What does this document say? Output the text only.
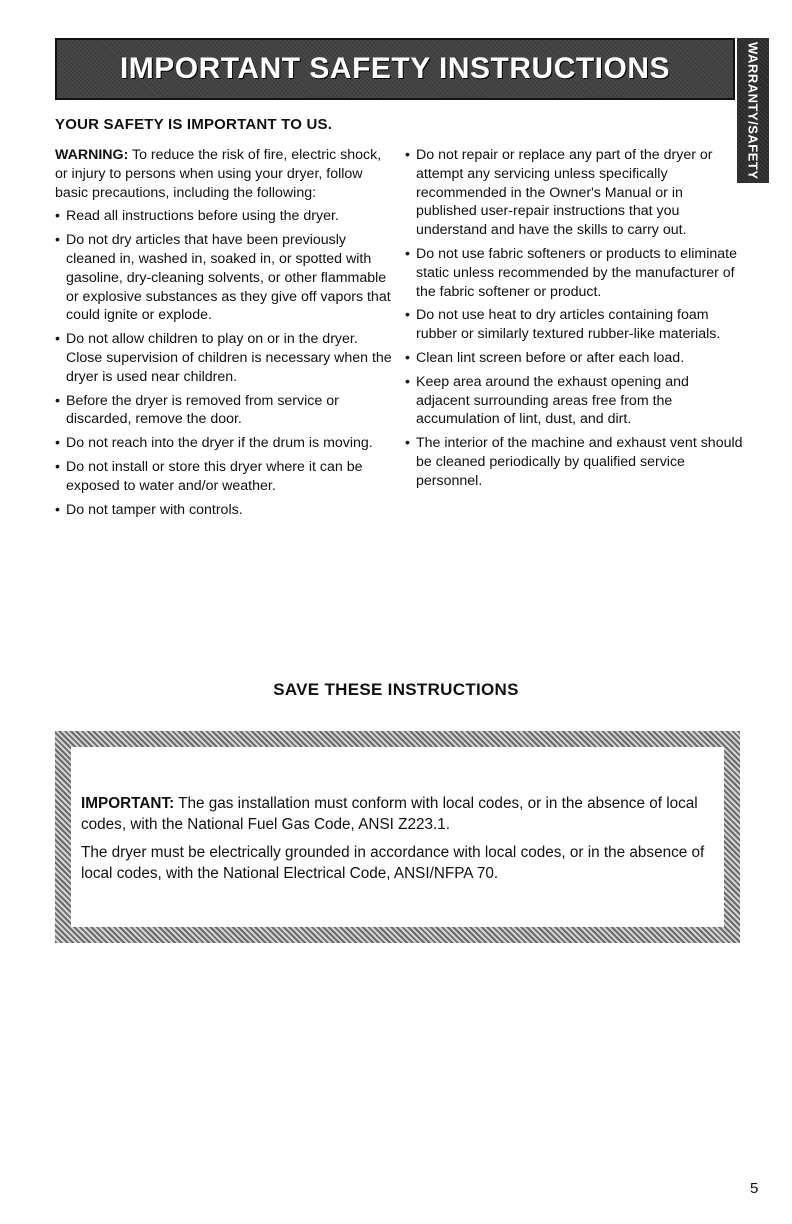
IMPORTANT SAFETY INSTRUCTIONS	WARRANTY/SAFETY
YOUR SAFETY IS IMPORTANT TO US.

WARNING: To reduce the risk of fire, electric shock, or injury to persons when using your dryer, follow basic precautions, including the following:

• Read all instructions before using the dryer.
• Do not dry articles that have been previously cleaned in, washed in, soaked in, or spotted with gasoline, dry-cleaning solvents, or other flammable or explosive substances as they give off vapors that could ignite or explode.
• Do not allow children to play on or in the dryer. Close supervision of children is necessary when the dryer is used near children.
• Before the dryer is removed from service or discarded, remove the door.
• Do not reach into the dryer if the drum is moving.
• Do not install or store this dryer where it can be exposed to water and/or weather.
• Do not tamper with controls.
• Do not repair or replace any part of the dryer or attempt any servicing unless specifically recommended in the Owner's Manual or in published user-repair instructions that you understand and have the skills to carry out.
• Do not use fabric softeners or products to eliminate static unless recommended by the manufacturer of the fabric softener or product.
• Do not use heat to dry articles containing foam rubber or similarly textured rubber-like materials.
• Clean lint screen before or after each load.
• Keep area around the exhaust opening and adjacent surrounding areas free from the accumulation of lint, dust, and dirt.
• The interior of the machine and exhaust vent should be cleaned periodically by qualified service personnel.
SAVE THESE INSTRUCTIONS

IMPORTANT: The gas installation must conform with local codes, or in the absence of local codes, with the National Fuel Gas Code, ANSI Z223.1.

The dryer must be electrically grounded in accordance with local codes, or in the absence of local codes, with the National Electrical Code, ANSI/NFPA 70.

5
